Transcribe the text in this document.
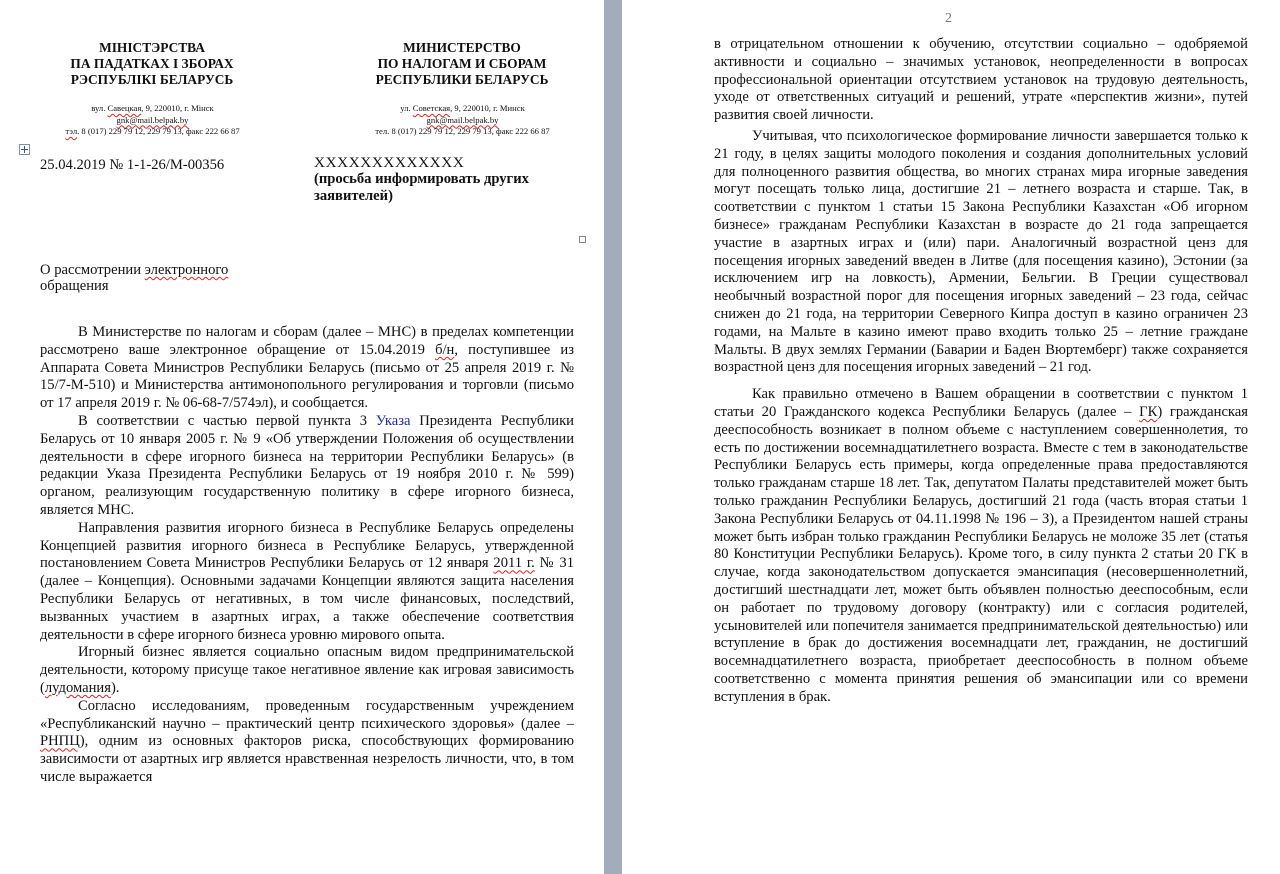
МІНІСТЭРСТВА
ПА ПАДАТКАХ І ЗБОРАХ
РЭСПУБЛІКІ БЕЛАРУСЬ
вул. Савецкая, 9, 220010, г. Мінск
gnk@mail.belpak.by
тэл. 8 (017) 229 79 12, 229 79 13, факс 222 66 87
МИНИСТЕРСТВО
ПО НАЛОГАМ И СБОРАМ
РЕСПУБЛИКИ БЕЛАРУСЬ
ул. Советская, 9, 220010, г. Минск
gnk@mail.belpak.by
тел. 8 (017) 229 79 12, 229 79 13, факс 222 66 87
25.04.2019 № 1-1-26/М-00356	ХХХХХХХХХХХХХ
(просьба информировать других заявителей)
О рассмотрении электронного
обращения

В Министерстве по налогам и сборам (далее – МНС) в пределах компетенции рассмотрено ваше электронное обращение от 15.04.2019 б/н, поступившее из Аппарата Совета Министров Республики Беларусь (письмо от 25 апреля 2019 г. № 15/7-М-510) и Министерства антимонопольного регулирования и торговли (письмо от 17 апреля 2019 г. № 06-68-7/574эл), и сообщается.

В соответствии с частью первой пункта 3 Указа Президента Республики Беларусь от 10 января 2005 г. № 9 «Об утверждении Положения об осуществлении деятельности в сфере игорного бизнеса на территории Республики Беларусь» (в редакции Указа Президента Республики Беларусь от 19 ноября 2010 г. № 599) органом, реализующим государственную политику в сфере игорного бизнеса, является МНС.

Направления развития игорного бизнеса в Республике Беларусь определены Концепцией развития игорного бизнеса в Республике Беларусь, утвержденной постановлением Совета Министров Республики Беларусь от 12 января 2011 г. № 31 (далее – Концепция). Основными задачами Концепции являются защита населения Республики Беларусь от негативных, в том числе финансовых, последствий, вызванных участием в азартных играх, а также обеспечение соответствия деятельности в сфере игорного бизнеса уровню мирового опыта.

Игорный бизнес является социально опасным видом предпринимательской деятельности, которому присуще такое негативное явление как игровая зависимость (лудомания).

Согласно исследованиям, проведенным государственным учреждением «Республиканский научно – практический центр психического здоровья» (далее – РНПЦ), одним из основных факторов риска, способствующих формированию зависимости от азартных игр является нравственная незрелость личности, что, в том числе выражается

2

в отрицательном отношении к обучению, отсутствии социально – одобряемой активности и социально – значимых установок, неопределенности в вопросах профессиональной ориентации отсутствием установок на трудовую деятельность, уходе от ответственных ситуаций и решений, утрате «перспектив жизни», путей развития своей личности.

Учитывая, что психологическое формирование личности завершается только к 21 году, в целях защиты молодого поколения и создания дополнительных условий для полноценного развития общества, во многих странах мира игорные заведения могут посещать только лица, достигшие 21 – летнего возраста и старше. Так, в соответствии с пунктом 1 статьи 15 Закона Республики Казахстан «Об игорном бизнесе» гражданам Республики Казахстан в возрасте до 21 года запрещается участие в азартных играх и (или) пари. Аналогичный возрастной ценз для посещения игорных заведений введен в Литве (для посещения казино), Эстонии (за исключением игр на ловкость), Армении, Бельгии. В Греции существовал необычный возрастной порог для посещения игорных заведений – 23 года, сейчас снижен до 21 года, на территории Северного Кипра доступ в казино ограничен 23 годами, на Мальте в казино имеют право входить только 25 – летние граждане Мальты. В двух землях Германии (Баварии и Баден Вюртемберг) также сохраняется возрастной ценз для посещения игорных заведений – 21 год.

Как правильно отмечено в Вашем обращении в соответствии с пунктом 1 статьи 20 Гражданского кодекса Республики Беларусь (далее – ГК) гражданская дееспособность возникает в полном объеме с наступлением совершеннолетия, то есть по достижении восемнадцатилетнего возраста. Вместе с тем в законодательстве Республики Беларусь есть примеры, когда определенные права предоставляются только гражданам старше 18 лет. Так, депутатом Палаты представителей может быть только гражданин Республики Беларусь, достигший 21 года (часть вторая статьи 1 Закона Республики Беларусь от 04.11.1998 № 196 – З), а Президентом нашей страны может быть избран только гражданин Республики Беларусь не моложе 35 лет (статья 80 Конституции Республики Беларусь). Кроме того, в силу пункта 2 статьи 20 ГК в случае, когда законодательством допускается эмансипация (несовершеннолетний, достигший шестнадцати лет, может быть объявлен полностью дееспособным, если он работает по трудовому договору (контракту) или с согласия родителей, усыновителей или попечителя занимается предпринимательской деятельностью) или вступление в брак до достижения восемнадцати лет, гражданин, не достигший восемнадцатилетнего возраста, приобретает дееспособность в полном объеме соответственно с момента принятия решения об эмансипации или со времени вступления в брак.
